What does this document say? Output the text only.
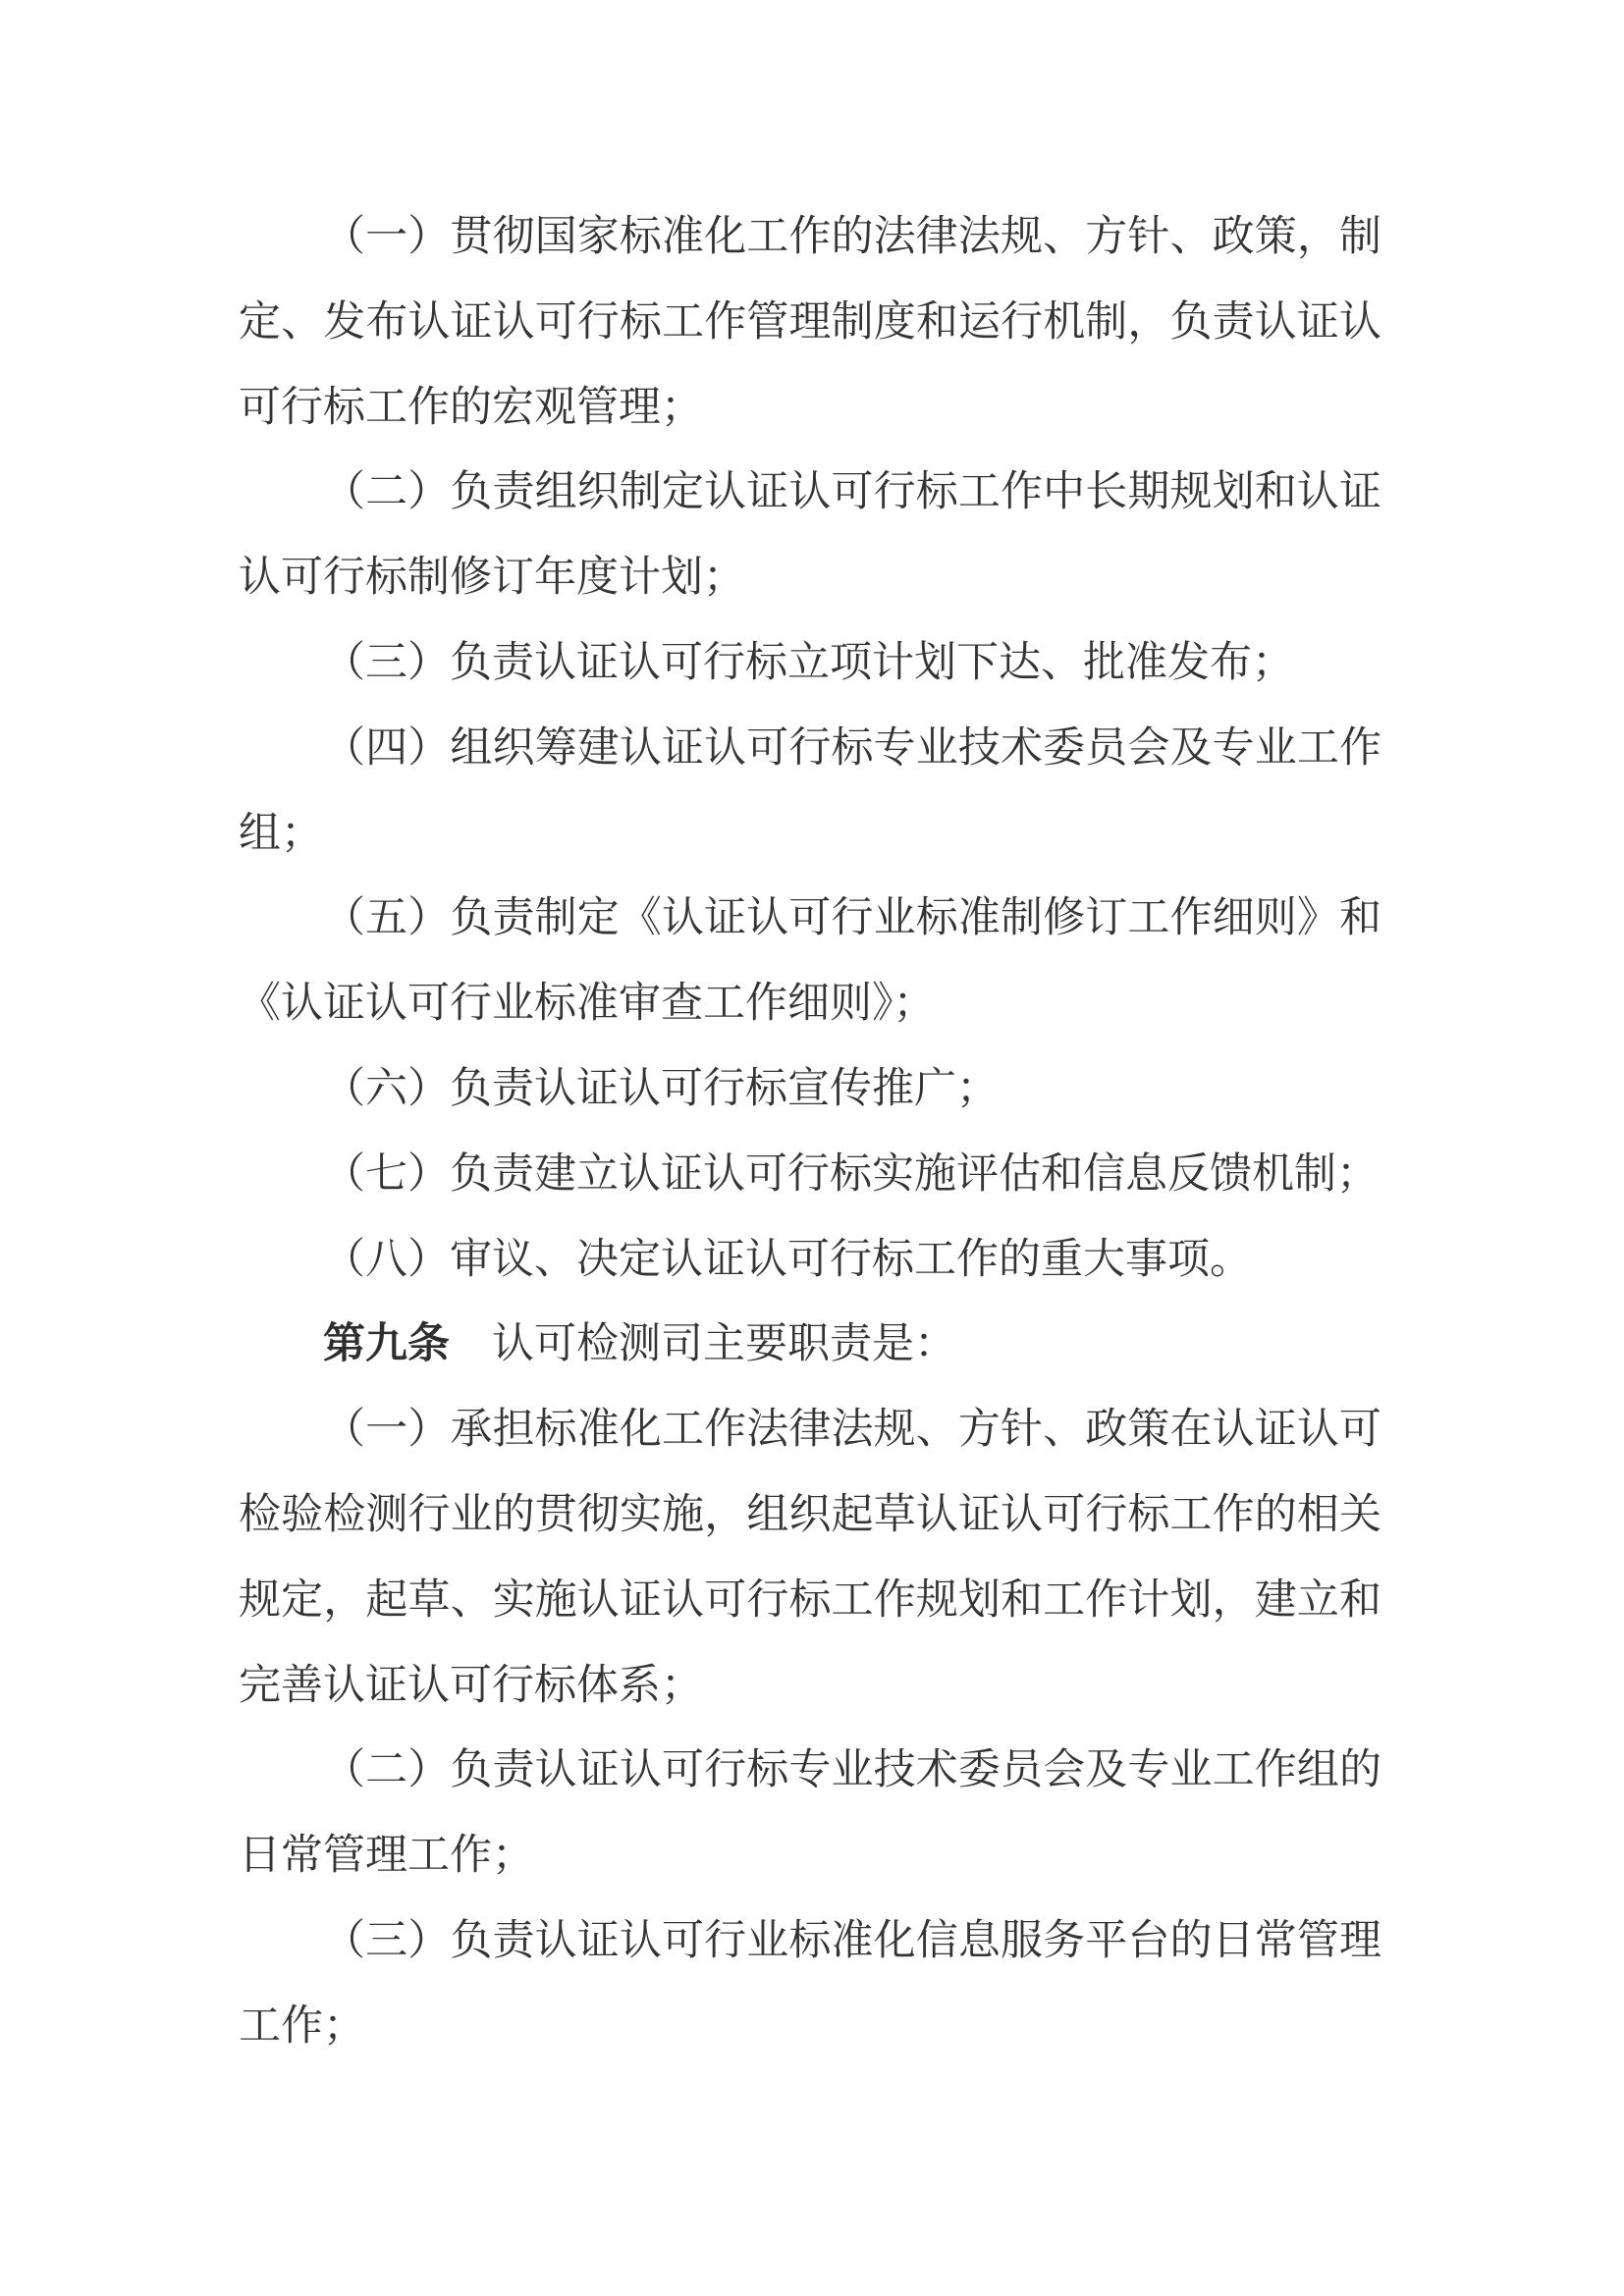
（一）贯彻国家标准化工作的法律法规、方针、政策，制定、发布认证认可行标工作管理制度和运行机制，负责认证认可行标工作的宏观管理；

（二）负责组织制定认证认可行标工作中长期规划和认证认可行标制修订年度计划；

（三）负责认证认可行标立项计划下达、批准发布；

（四）组织筹建认证认可行标专业技术委员会及专业工作组；

（五）负责制定《认证认可行业标准制修订工作细则》和《认证认可行业标准审查工作细则》；

（六）负责认证认可行标宣传推广；

（七）负责建立认证认可行标实施评估和信息反馈机制；

（八）审议、决定认证认可行标工作的重大事项。

第九条　认可检测司主要职责是：

（一）承担标准化工作法律法规、方针、政策在认证认可检验检测行业的贯彻实施，组织起草认证认可行标工作的相关规定，起草、实施认证认可行标工作规划和工作计划，建立和完善认证认可行标体系；

（二）负责认证认可行标专业技术委员会及专业工作组的日常管理工作；

（三）负责认证认可行业标准化信息服务平台的日常管理工作；
